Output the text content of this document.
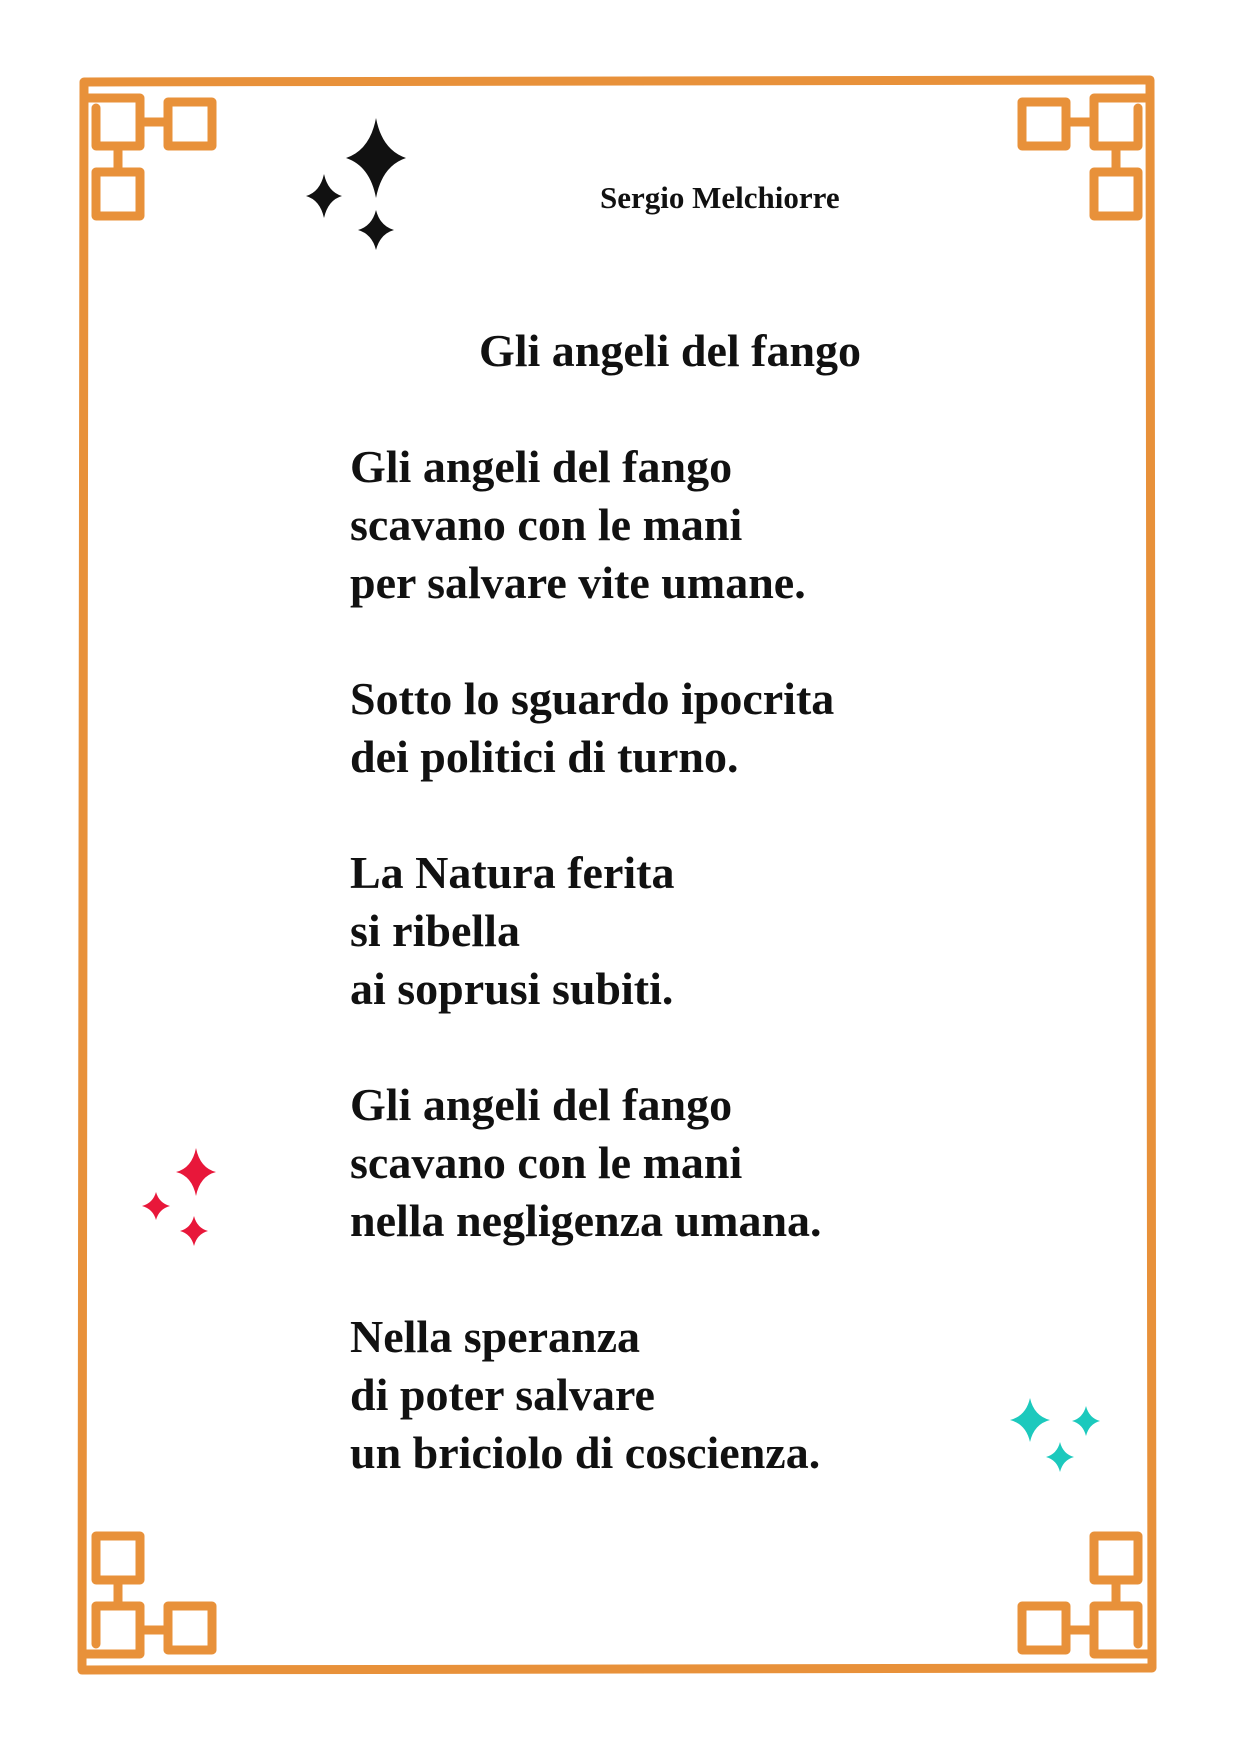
Sergio Melchiorre
Gli angeli del fango
Gli angeli del fango
scavano con le mani
per salvare vite umane.
Sotto lo sguardo ipocrita
dei politici di turno.
La Natura ferita
si ribella
ai soprusi subiti.
Gli angeli del fango
scavano con le mani
nella negligenza umana.
Nella speranza
di poter salvare
un briciolo di coscienza.
